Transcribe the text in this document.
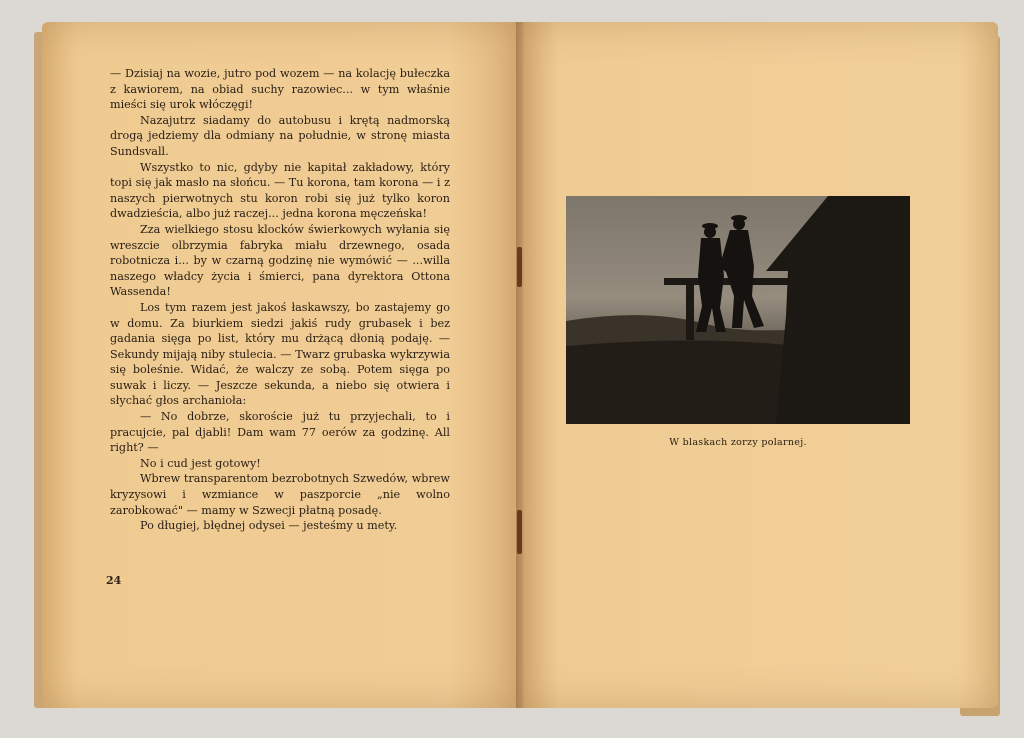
— Dzisiaj na wozie, jutro pod wozem — na kolację bułeczka z kawiorem, na obiad suchy razowiec... w tym właśnie mieści się urok włóczęgi!

Nazajutrz siadamy do autobusu i krętą nadmorską drogą jedziemy dla odmiany na południe, w stronę miasta Sundsvall.

Wszystko to nic, gdyby nie kapitał zakładowy, który topi się jak masło na słońcu. — Tu korona, tam korona — i z naszych pierwotnych stu koron robi się już tylko koron dwadzieścia, albo już raczej... jedna korona męczeńska!

Zza wielkiego stosu klocków świerkowych wyłania się wreszcie olbrzymia fabryka miału drzewnego, osada robotnicza i... by w czarną godzinę nie wymówić — ...willa naszego władcy życia i śmierci, pana dyrektora Ottona Wassenda!

Los tym razem jest jakoś łaskawszy, bo zastajemy go w domu. Za biurkiem siedzi jakiś rudy grubasek i bez gadania sięga po list, który mu drżącą dłonią podaję. — Sekundy mijają niby stulecia. — Twarz grubaska wykrzywia się boleśnie. Widać, że walczy ze sobą. Potem sięga po suwak i liczy. — Jeszcze sekunda, a niebo się otwiera i słychać głos archanioła:

— No dobrze, skoroście już tu przyjechali, to i pracujcie, pal djabli! Dam wam 77 oerów za godzinę. All right? —

No i cud jest gotowy!

Wbrew transparentom bezrobotnych Szwedów, wbrew kryzysowi i wzmiance w paszporcie „nie wolno zarobkować" — mamy w Szwecji płatną posadę.

Po długiej, błędnej odysei — jesteśmy u mety.

24
W blaskach zorzy polarnej.
